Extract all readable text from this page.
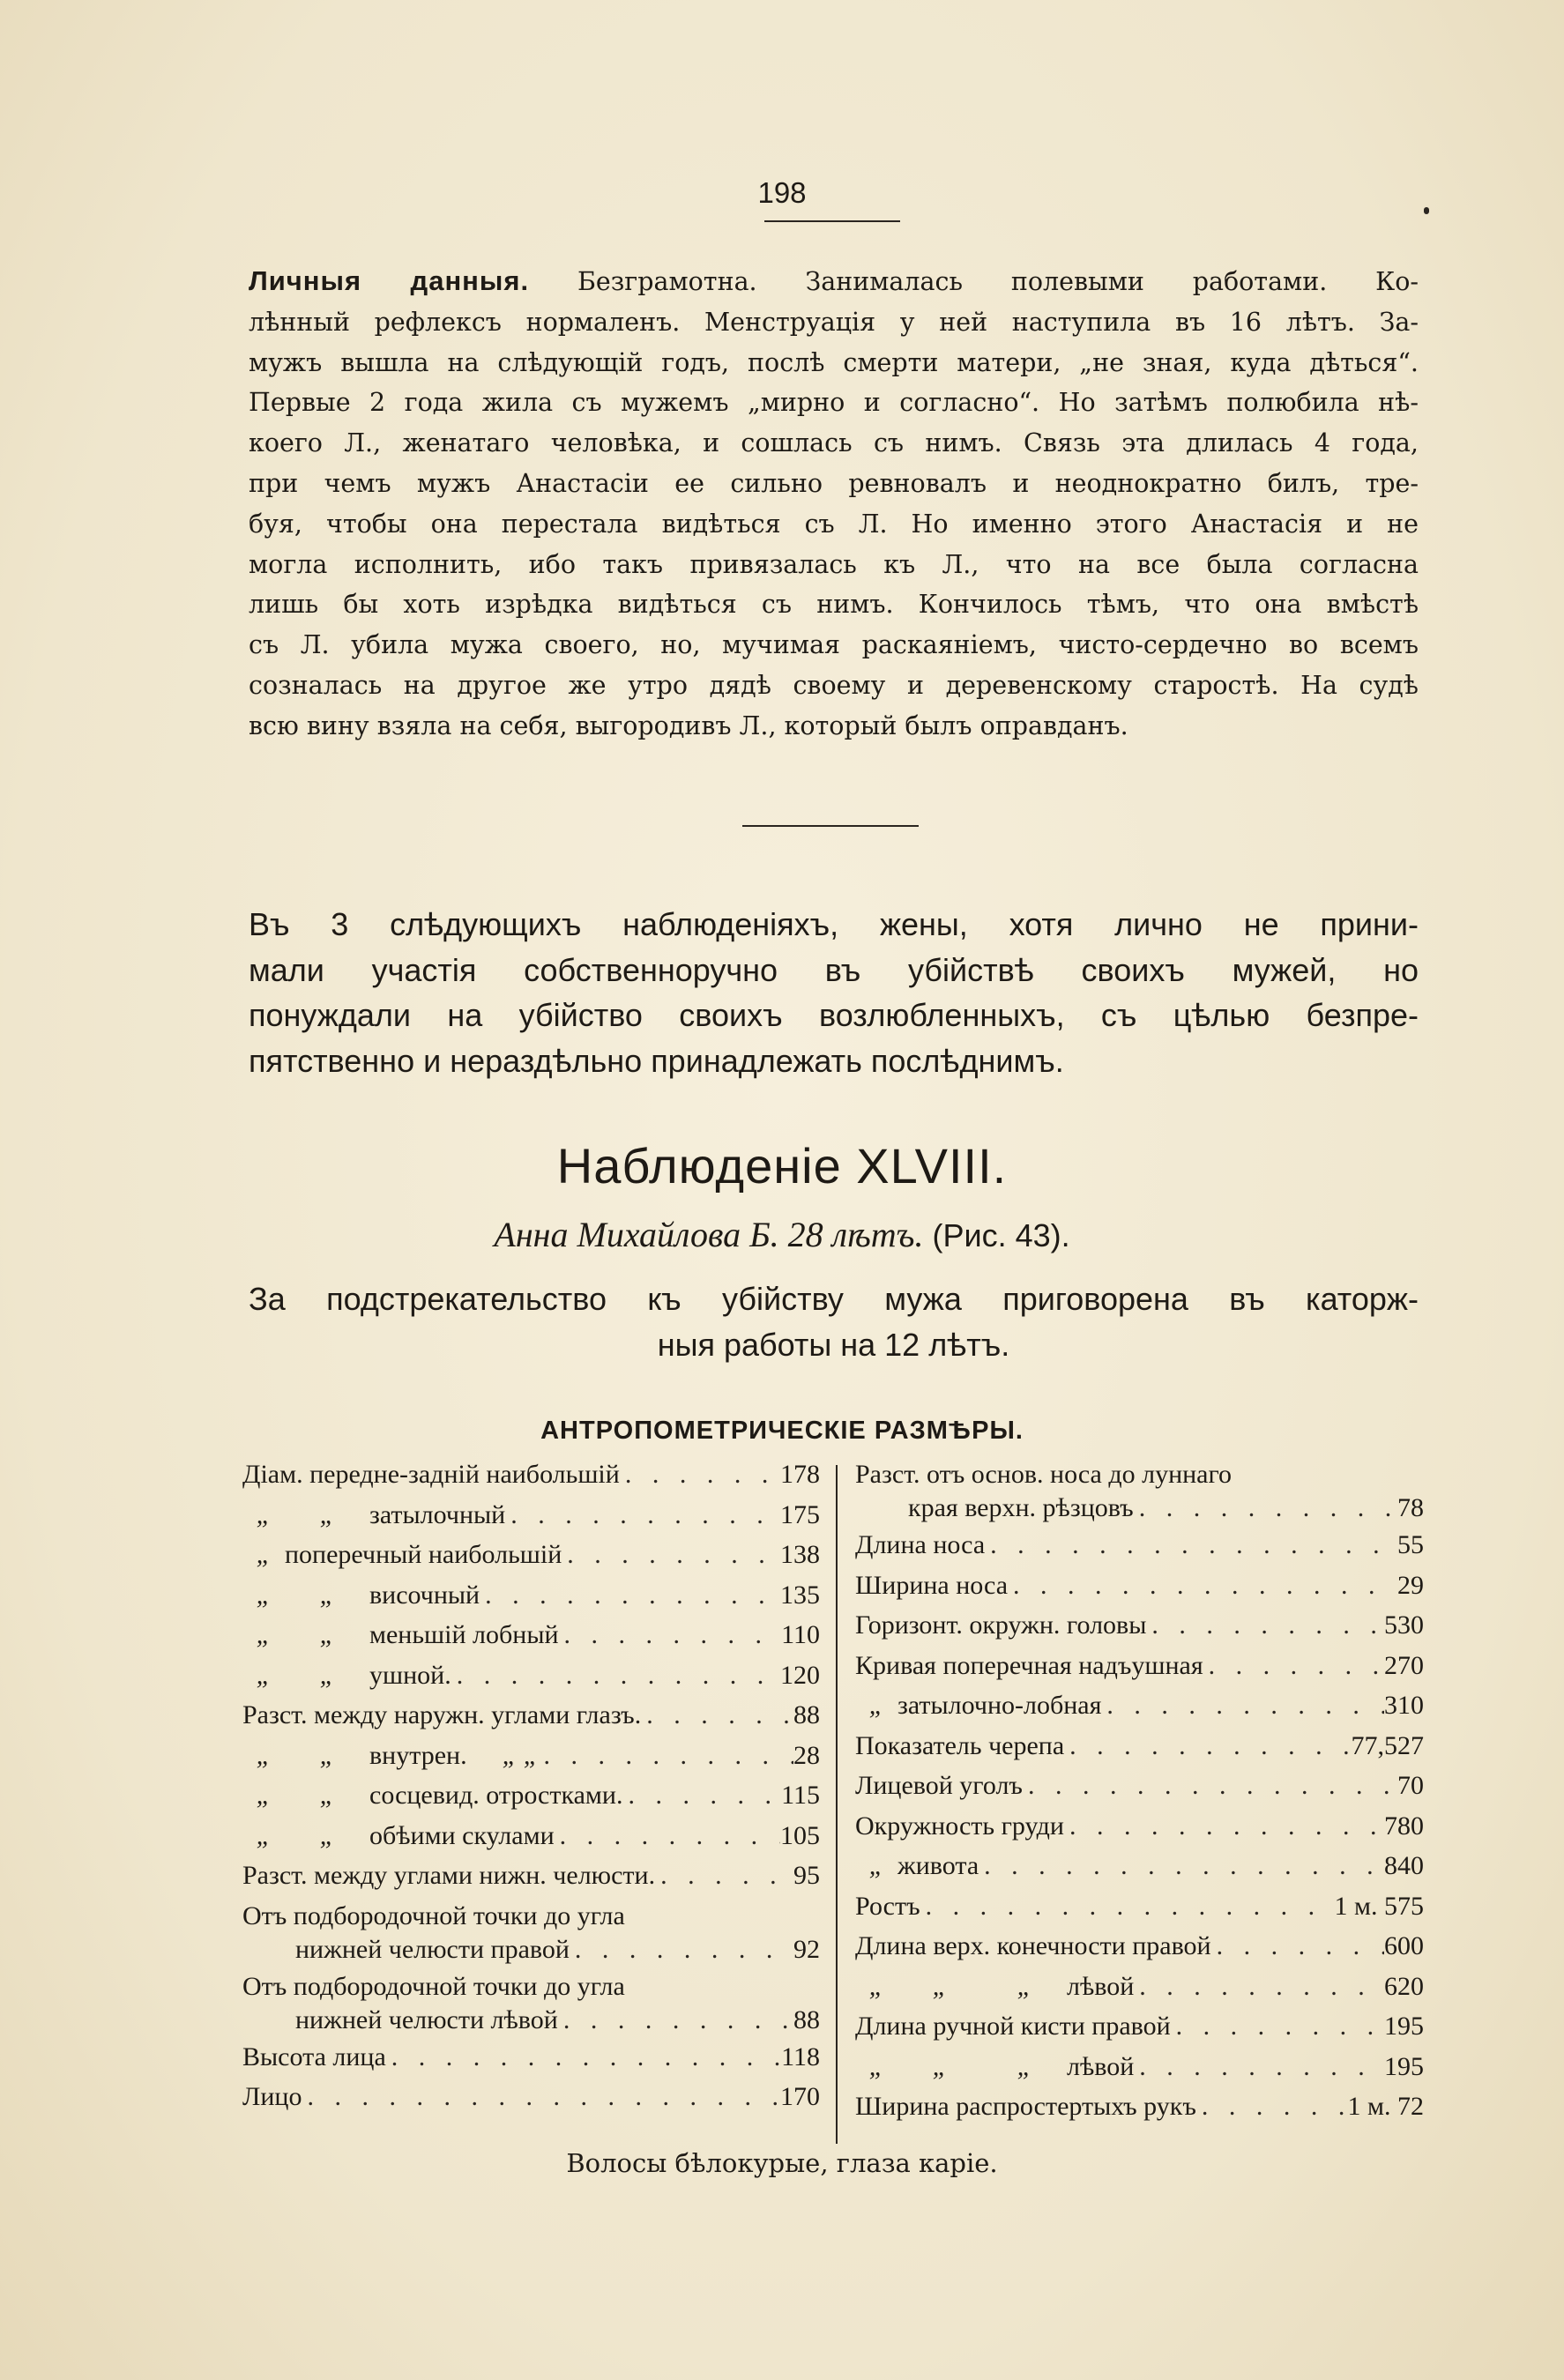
198
Личныя данныя. Безграмотна. Занималась полевыми работами. Ко-
лѣнный рефлексъ нормаленъ. Менструація у ней наступила въ 16 лѣтъ. За-
мужъ вышла на слѣдующій годъ, послѣ смерти матери, „не зная, куда дѣться“.
Первые 2 года жила съ мужемъ „мирно и согласно“. Но затѣмъ полюбила нѣ-
коего Л., женатаго человѣка, и сошлась съ нимъ. Связь эта длилась 4 года,
при чемъ мужъ Анастасіи ее сильно ревновалъ и неоднократно билъ, тре-
буя, чтобы она перестала видѣться съ Л. Но именно этого Анастасія и не
могла исполнить, ибо такъ привязалась къ Л., что на все была согласна
лишь бы хоть изрѣдка видѣться съ нимъ. Кончилось тѣмъ, что она вмѣстѣ
съ Л. убила мужа своего, но, мучимая раскаяніемъ, чисто-сердечно во всемъ
созналась на другое же утро дядѣ своему и деревенскому старостѣ. На судѣ
всю вину взяла на себя, выгородивъ Л., который былъ оправданъ.
Въ 3 слѣдующихъ наблюденіяхъ, жены, хотя лично не прини-
мали участія собственноручно въ убійствѣ своихъ мужей, но
понуждали на убійство своихъ возлюбленныхъ, съ цѣлью безпре-
пятственно и нераздѣльно принадлежать послѣднимъ.
Наблюденіе XLVIII.
Анна Михайлова Б. 28 лѣтъ. (Рис. 43).
За подстрекательство къ убійству мужа приговорена въ каторж-
ныя работы на 12 лѣтъ.
АНТРОПОМЕТРИЧЕСКІЕ РАЗМѢРЫ.
Діам. передне-задній наибольшій . . .	178
„	„	затылочный . . .	175
„ поперечный наибольшій . . .	138
„	„	височный . . .	135
„	„	меньшій лобный . . .	110
„	„	ушной. . . .	120
Разст. между наружн. углами глазъ. . . .	88
„	„	внутрен.	„ „ . . .	28
„	„	сосцевид. отростками. . . .	115
„	„	обѣими скулами . . .	105
Разст. между углами нижн. челюсти. . . .	95
Отъ подбородочной точки до угла
нижней челюсти правой . . .	92
Отъ подбородочной точки до угла
нижней челюсти лѣвой . . .	88
Высота лица . . .	118
Лицо . . .	170
Разст. отъ основ. носа до луннаго
края верхн. рѣзцовъ . . .	78
Длина носа . . .	55
Ширина носа . . .	29
Горизонт. окружн. головы . . .	530
Кривая поперечная надъушная . . .	270
„ затылочно-лобная . . .	310
Показатель черепа . . .	77,527
Лицевой уголъ . . .	70
Окружность груди . . .	780
„ живота . . .	840
Ростъ . . .	1 м. 575
Длина верх. конечности правой . . .	600
„	„	„	лѣвой . . .	620
Длина ручной кисти правой . . .	195
„	„	„	лѣвой . . .	195
Ширина распростертыхъ рукъ . . .	1 м. 72
Волосы бѣлокурые, глаза каріе.
